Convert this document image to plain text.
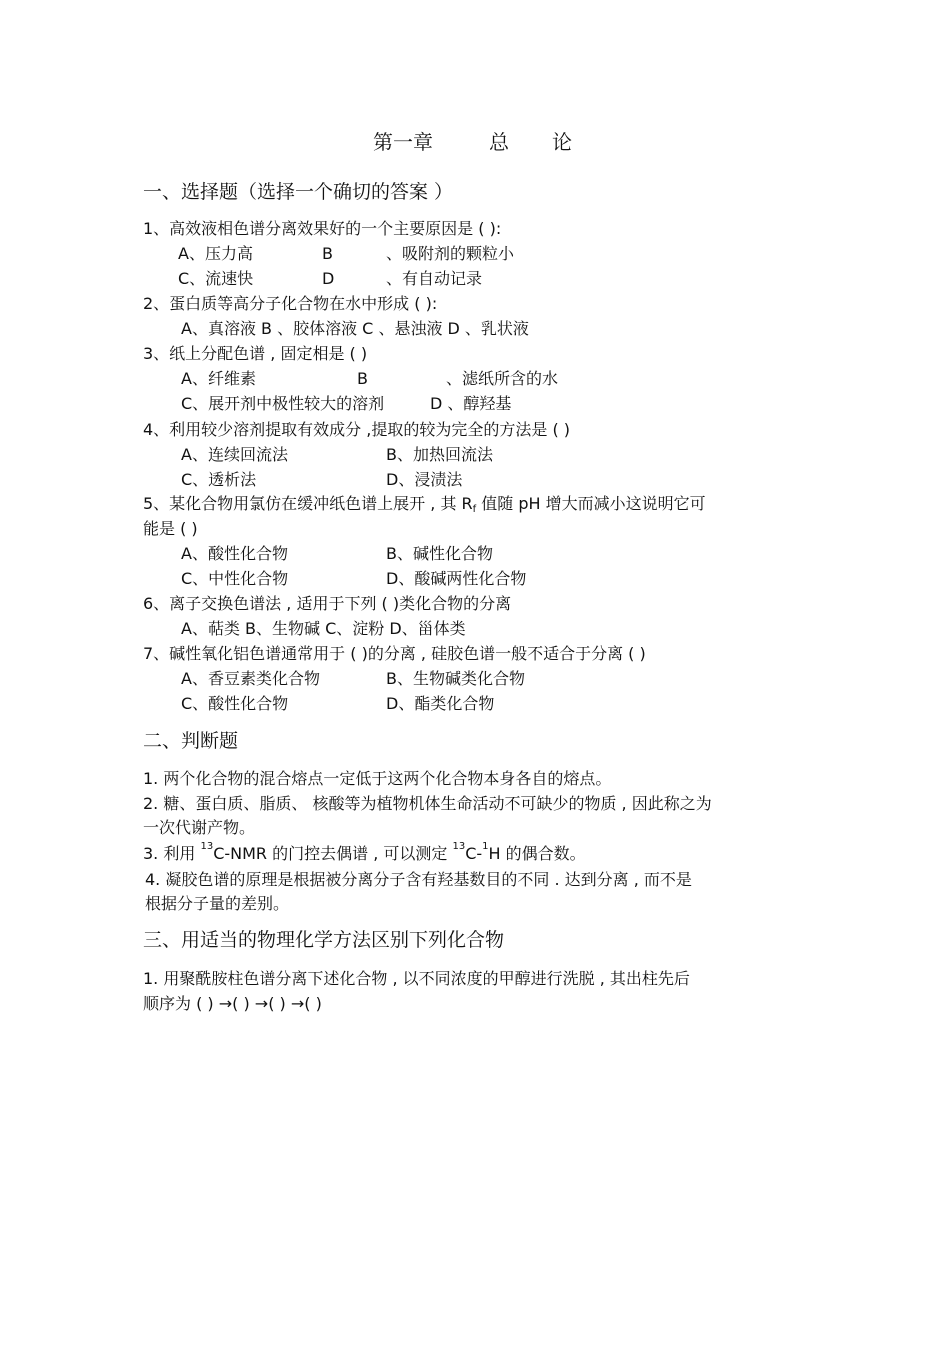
第一章	总 论
一、选择题（选择一个确切的答案 ）
1、高效液相色谱分离效果好的一个主要原因是 ( ):
A、压力高	B	、吸附剂的颗粒小
C、流速快	D	、有自动记录
2、蛋白质等高分子化合物在水中形成 ( ):
A、真溶液 B 、胶体溶液 C 、悬浊液 D 、乳状液
3、纸上分配色谱 , 固定相是 ( )
A、纤维素	B	、滤纸所含的水
C、展开剂中极性较大的溶剂	D 、醇羟基
4、利用较少溶剂提取有效成分 ,提取的较为完全的方法是 ( )
A、连续回流法	B、加热回流法
C、透析法	D、浸渍法
5、某化合物用氯仿在缓冲纸色谱上展开 , 其 $R_f$ 值随 pH 增大而减小这说明它可
能是 ( )
A、酸性化合物	B、碱性化合物
C、中性化合物	D、酸碱两性化合物
6、离子交换色谱法 , 适用于下列 ( )类化合物的分离
A、萜类 B、生物碱 C、淀粉 D、甾体类
7、碱性氧化铝色谱通常用于 ( )的分离 , 硅胶色谱一般不适合于分离 ( )
A、香豆素类化合物	B、生物碱类化合物
C、酸性化合物	D、酯类化合物
二、判断题
1. 两个化合物的混合熔点一定低于这两个化合物本身各自的熔点。
2. 糖、蛋白质、脂质、 核酸等为植物机体生命活动不可缺少的物质 , 因此称之为
一次代谢产物。
3. 利用 $^{13}$C-NMR 的门控去偶谱 , 可以测定 $^{13}$C-$^1$H 的偶合数。
4. 凝胶色谱的原理是根据被分离分子含有羟基数目的不同 . 达到分离 , 而不是
根据分子量的差别。
三、用适当的物理化学方法区别下列化合物
1. 用聚酰胺柱色谱分离下述化合物 , 以不同浓度的甲醇进行洗脱 , 其出柱先后
顺序为 ( ) →( ) →( ) →( )
